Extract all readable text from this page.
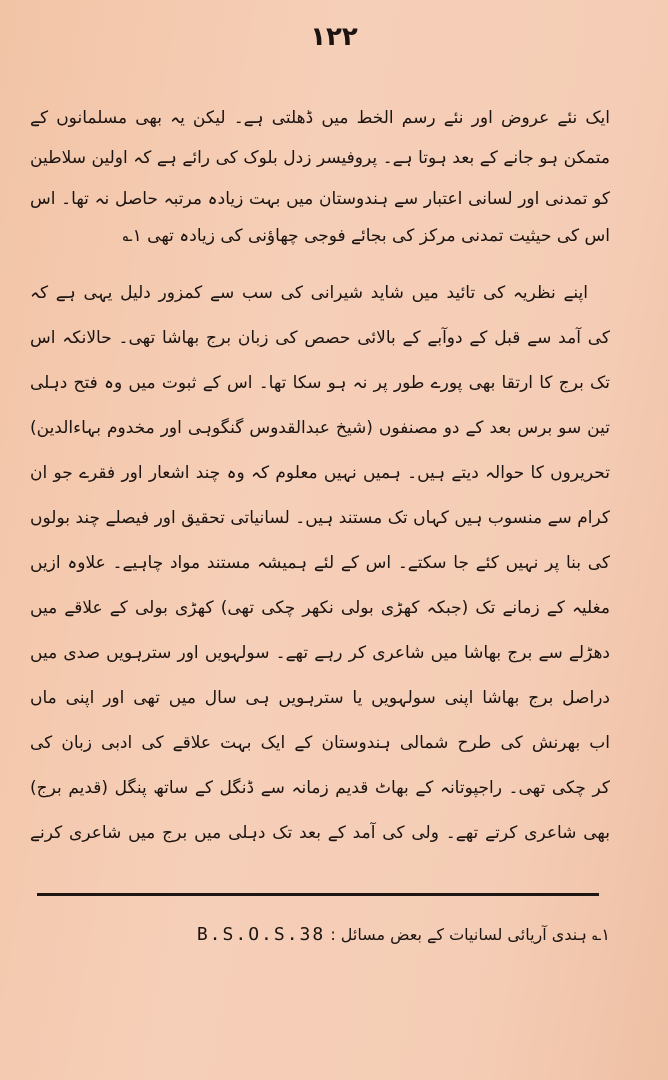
۱۲۲
ایک نئے عروض اور نئے رسم الخط میں ڈھلتی ہے۔ لیکن یہ بھی مسلمانوں کے
متمکن ہو جانے کے بعد ہوتا ہے۔ پروفیسر زدل بلوک کی رائے ہے کہ اولین سلاطین
کو تمدنی اور لسانی اعتبار سے ہندوستان میں بہت زیادہ مرتبہ حاصل نہ تھا۔ اس
اس کی حیثیت تمدنی مرکز کی بجائے فوجی چھاؤنی کی زیادہ تھی ۱؎
اپنے نظریہ کی تائید میں شاید شیرانی کی سب سے کمزور دلیل یہی ہے کہ
کی آمد سے قبل کے دوآبے کے بالائی حصص کی زبان برج بھاشا تھی۔ حالانکہ اس
تک برج کا ارتقا بھی پورے طور پر نہ ہو سکا تھا۔ اس کے ثبوت میں وہ فتح دہلی
تین سو برس بعد کے دو مصنفوں (شیخ عبدالقدوس گنگوہی اور مخدوم بہاءالدین)
تحریروں کا حوالہ دیتے ہیں۔ ہمیں نہیں معلوم کہ وہ چند اشعار اور فقرے جو ان
کرام سے منسوب ہیں کہاں تک مستند ہیں۔ لسانیاتی تحقیق اور فیصلے چند بولوں
کی بنا پر نہیں کئے جا سکتے۔ اس کے لئے ہمیشہ مستند مواد چاہیے۔ علاوہ ازیں
مغلیہ کے زمانے تک (جبکہ کھڑی بولی نکھر چکی تھی) کھڑی بولی کے علاقے میں
دھڑلے سے برج بھاشا میں شاعری کر رہے تھے۔ سولہویں اور سترہویں صدی میں
دراصل برج بھاشا اپنی سولہویں یا سترہویں ہی سال میں تھی اور اپنی ماں
اب بھرنش کی طرح شمالی ہندوستان کے ایک بہت علاقے کی ادبی زبان کی
کر چکی تھی۔ راجپوتانہ کے بھاٹ قدیم زمانہ سے ڈنگل کے ساتھ پنگل (قدیم برج)
بھی شاعری کرتے تھے۔ ولی کی آمد کے بعد تک دہلی میں برج میں شاعری کرنے
۱؎ ہندی آریائی لسانیات کے بعض مسائل : B.S.O.S.38
